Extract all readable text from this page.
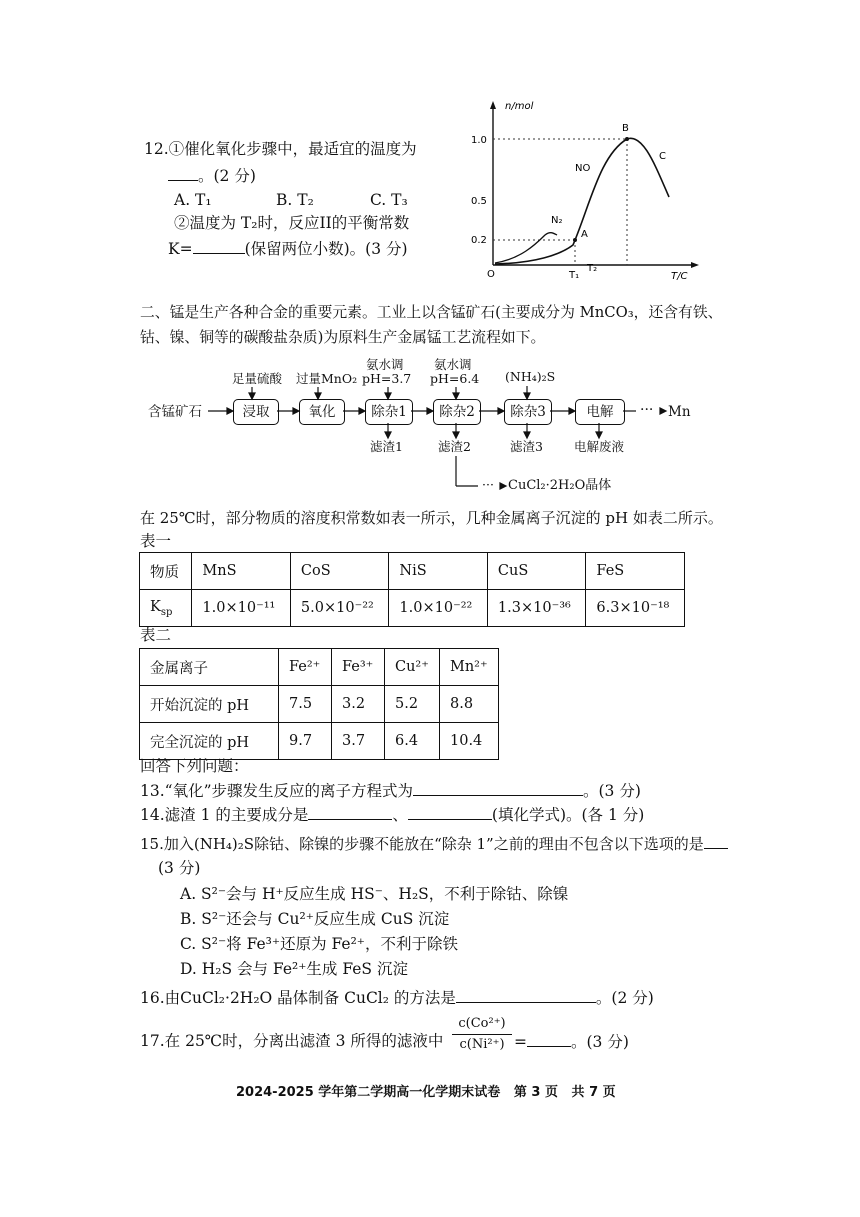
12.①催化氧化步骤中，最适宜的温度为
。(2 分)
A. T₁	B. T₂	C. T₃
②温度为 T₂时，反应II的平衡常数
K=	(保留两位小数)。(3 分)
n/mol
T/C
O
1.0
0.5
0.2
T₁
T₂
B
C
NO
N₂
A
二、锰是生产各种合金的重要元素。工业上以含锰矿石(主要成分为 MnCO₃，还含有铁、
钴、镍、铜等的碳酸盐杂质)为原料生产金属锰工艺流程如下。
足量硫酸 过量MnO₂
氨水调
pH=3.7
氨水调
pH=6.4 (NH₄)₂S
含锰矿石	浸取	氧化	除杂1	除杂2	除杂3	电解	··· Mn
滤渣1	滤渣2	滤渣3 电解废液
··· CuCl₂·2H₂O晶体
在 25℃时，部分物质的溶度积常数如表一所示，几种金属离子沉淀的 pH 如表二所示。
表一
物质	MnS	CoS	NiS	CuS	FeS
$K_{sp}$	1.0×10⁻¹¹	5.0×10⁻²²	1.0×10⁻²²	1.3×10⁻³⁶	6.3×10⁻¹⁸
表二
金属离子	Fe²⁺	Fe³⁺	Cu²⁺	Mn²⁺
开始沉淀的 pH	7.5	3.2	5.2	8.8
完全沉淀的 pH	9.7	3.7	6.4	10.4
回答下列问题：
13.“氧化”步骤发生反应的离子方程式为	。(3 分)
14.滤渣 1 的主要成分是	、	(填化学式)。(各 1 分)
15.加入(NH₄)₂S除钴、除镍的步骤不能放在“除杂 1”之前的理由不包含以下选项的是
(3 分)
A. S²⁻会与 H⁺反应生成 HS⁻、H₂S，不利于除钴、除镍
B. S²⁻还会与 Cu²⁺反应生成 CuS 沉淀
C. S²⁻将 Fe³⁺还原为 Fe²⁺，不利于除铁
D. H₂S 会与 Fe²⁺生成 FeS 沉淀
16.由CuCl₂·2H₂O 晶体制备 CuCl₂ 的方法是	。(2 分)
17.在 25℃时，分离出滤渣 3 所得的滤液中 $\frac{\text{c(Co²⁺)}}{\text{c(Ni²⁺)}}$ =	。(3 分)
2024-2025 学年第二学期高一化学期末试卷   第 3 页   共 7 页
